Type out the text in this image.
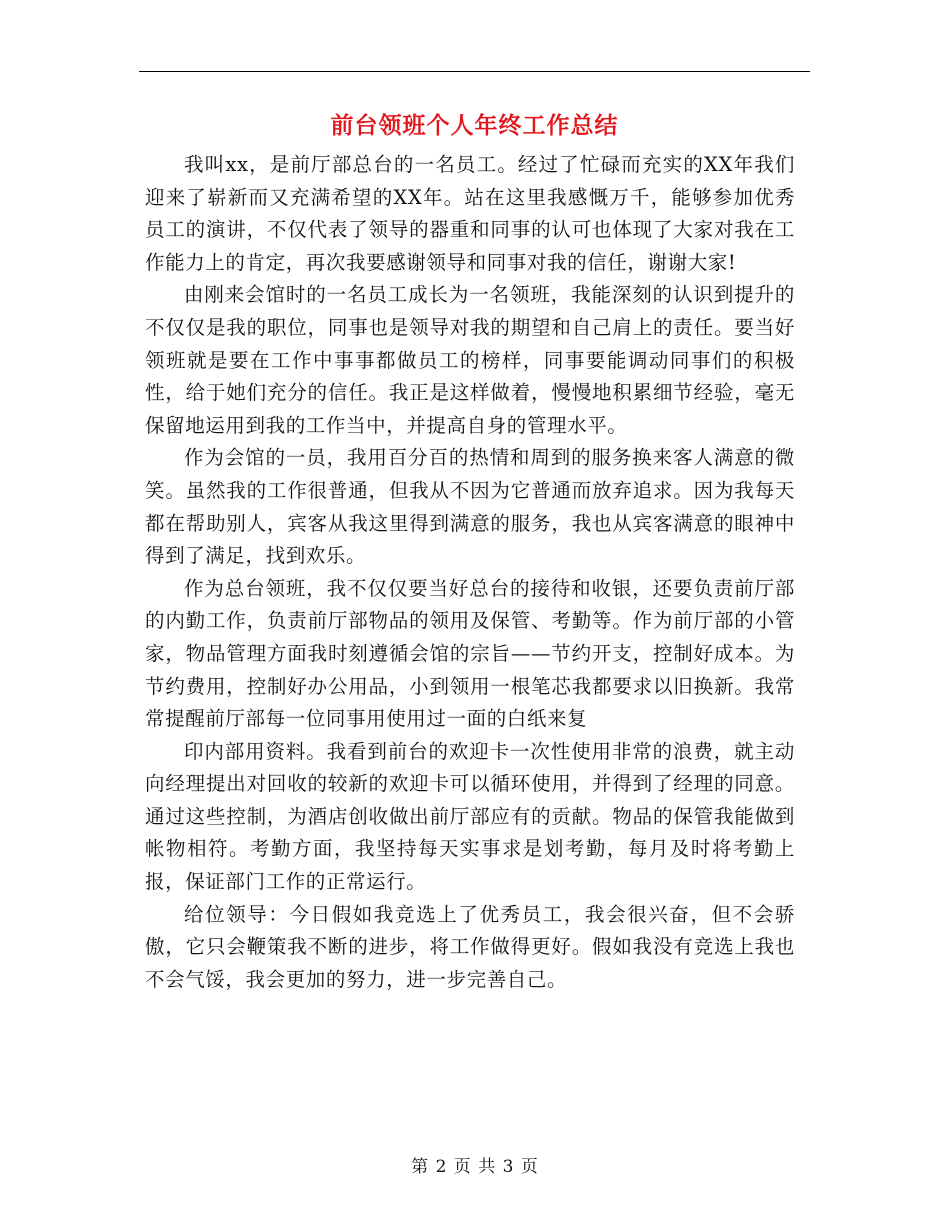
前台领班个人年终工作总结

我叫xx，是前厅部总台的一名员工。经过了忙碌而充实的XX年我们迎来了崭新而又充满希望的XX年。站在这里我感慨万千，能够参加优秀员工的演讲，不仅代表了领导的器重和同事的认可也体现了大家对我在工作能力上的肯定，再次我要感谢领导和同事对我的信任，谢谢大家!

由刚来会馆时的一名员工成长为一名领班，我能深刻的认识到提升的不仅仅是我的职位，同事也是领导对我的期望和自己肩上的责任。要当好领班就是要在工作中事事都做员工的榜样，同事要能调动同事们的积极性，给于她们充分的信任。我正是这样做着，慢慢地积累细节经验，毫无保留地运用到我的工作当中，并提高自身的管理水平。

作为会馆的一员，我用百分百的热情和周到的服务换来客人满意的微笑。虽然我的工作很普通，但我从不因为它普通而放弃追求。因为我每天都在帮助别人，宾客从我这里得到满意的服务，我也从宾客满意的眼神中得到了满足，找到欢乐。

作为总台领班，我不仅仅要当好总台的接待和收银，还要负责前厅部的内勤工作，负责前厅部物品的领用及保管、考勤等。作为前厅部的小管家，物品管理方面我时刻遵循会馆的宗旨——节约开支，控制好成本。为节约费用，控制好办公用品，小到领用一根笔芯我都要求以旧换新。我常常提醒前厅部每一位同事用使用过一面的白纸来复

印内部用资料。我看到前台的欢迎卡一次性使用非常的浪费，就主动向经理提出对回收的较新的欢迎卡可以循环使用，并得到了经理的同意。通过这些控制，为酒店创收做出前厅部应有的贡献。物品的保管我能做到帐物相符。考勤方面，我坚持每天实事求是划考勤，每月及时将考勤上报，保证部门工作的正常运行。

给位领导：今日假如我竞选上了优秀员工，我会很兴奋，但不会骄傲，它只会鞭策我不断的进步，将工作做得更好。假如我没有竞选上我也不会气馁，我会更加的努力，进一步完善自己。

第 2 页 共 3 页
